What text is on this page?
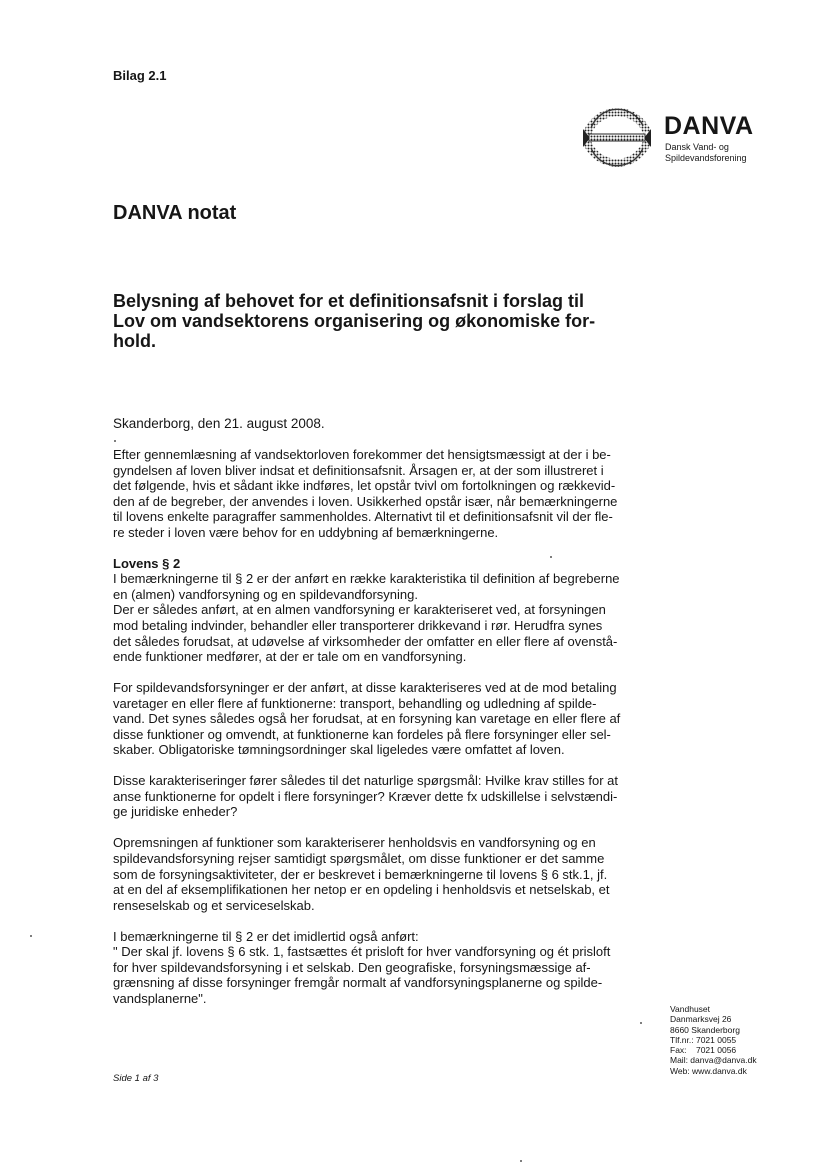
Bilag 2.1
DANVA
Dansk Vand- og
Spildevandsforening
DANVA notat
Belysning af behovet for et definitionsafsnit i forslag til
Lov om vandsektorens organisering og økonomiske for-
hold.
Skanderborg, den 21. august 2008.
Efter gennemlæsning af vandsektorloven forekommer det hensigtsmæssigt at der i be-
gyndelsen af loven bliver indsat et definitionsafsnit. Årsagen er, at der som illustreret i
det følgende, hvis et sådant ikke indføres, let opstår tvivl om fortolkningen og rækkevid-
den af de begreber, der anvendes i loven. Usikkerhed opstår især, når bemærkningerne
til lovens enkelte paragraffer sammenholdes. Alternativt til et definitionsafsnit vil der fle-
re steder i loven være behov for en uddybning af bemærkningerne.
Lovens § 2
I bemærkningerne til § 2 er der anført en række karakteristika til definition af begreberne
en (almen) vandforsyning og en spildevandforsyning.
Der er således anført, at en almen vandforsyning er karakteriseret ved, at forsyningen
mod betaling indvinder, behandler eller transporterer drikkevand i rør. Herudfra synes
det således forudsat, at udøvelse af virksomheder der omfatter en eller flere af ovenstå-
ende funktioner medfører, at der er tale om en vandforsyning.
For spildevandsforsyninger er der anført, at disse karakteriseres ved at de mod betaling
varetager en eller flere af funktionerne: transport, behandling og udledning af spilde-
vand. Det synes således også her forudsat, at en forsyning kan varetage en eller flere af
disse funktioner og omvendt, at funktionerne kan fordeles på flere forsyninger eller sel-
skaber. Obligatoriske tømningsordninger skal ligeledes være omfattet af loven.
Disse karakteriseringer fører således til det naturlige spørgsmål: Hvilke krav stilles for at
anse funktionerne for opdelt i flere forsyninger? Kræver dette fx udskillelse i selvstændi-
ge juridiske enheder?
Opremsningen af funktioner som karakteriserer henholdsvis en vandforsyning og en
spildevandsforsyning rejser samtidigt spørgsmålet, om disse funktioner er det samme
som de forsyningsaktiviteter, der er beskrevet i bemærkningerne til lovens § 6 stk.1, jf.
at en del af eksemplifikationen her netop er en opdeling i henholdsvis et netselskab, et
renseselskab og et serviceselskab.
I bemærkningerne til § 2 er det imidlertid også anført:
" Der skal jf. lovens § 6 stk. 1, fastsættes ét prisloft for hver vandforsyning og ét prisloft
for hver spildevandsforsyning i et selskab. Den geografiske, forsyningsmæssige af-
grænsning af disse forsyninger fremgår normalt af vandforsyningsplanerne og spilde-
vandsplanerne".
Vandhuset
Danmarksvej 26
8660 Skanderborg
Tlf.nr.: 7021 0055
Fax:    7021 0056
Mail: danva@danva.dk
Web: www.danva.dk
Side 1 af 3
